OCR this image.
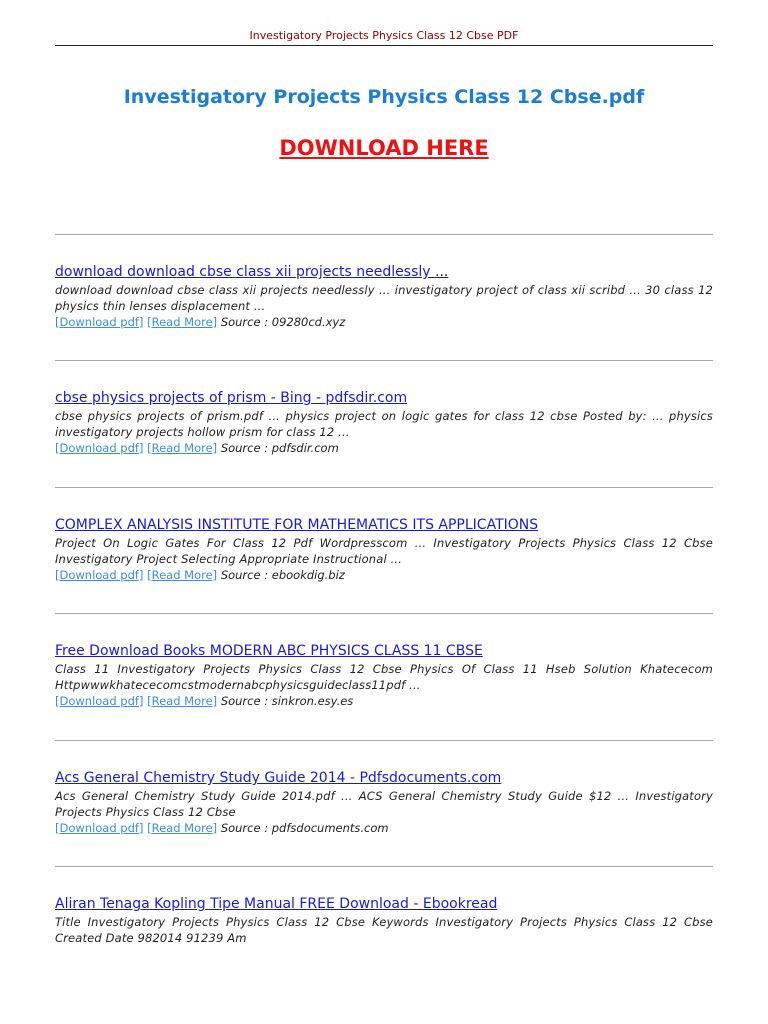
Investigatory Projects Physics Class 12 Cbse PDF
Investigatory Projects Physics Class 12 Cbse.pdf
DOWNLOAD HERE
download download cbse class xii projects needlessly ...
download download cbse class xii projects needlessly ... investigatory project of class xii scribd ... 30 class 12 physics thin lenses displacement ...
[Download pdf] [Read More] Source : 09280cd.xyz
cbse physics projects of prism - Bing - pdfsdir.com
cbse physics projects of prism.pdf ... physics project on logic gates for class 12 cbse Posted by: ... physics investigatory projects hollow prism for class 12 ...
[Download pdf] [Read More] Source : pdfsdir.com
COMPLEX ANALYSIS INSTITUTE FOR MATHEMATICS ITS APPLICATIONS
Project On Logic Gates For Class 12 Pdf Wordpresscom ... Investigatory Projects Physics Class 12 Cbse Investigatory Project Selecting Appropriate Instructional ...
[Download pdf] [Read More] Source : ebookdig.biz
Free Download Books MODERN ABC PHYSICS CLASS 11 CBSE
Class 11 Investigatory Projects Physics Class 12 Cbse Physics Of Class 11 Hseb Solution Khatececom Httpwwwkhatececomcstmodernabcphysicsguideclass11pdf ...
[Download pdf] [Read More] Source : sinkron.esy.es
Acs General Chemistry Study Guide 2014 - Pdfsdocuments.com
Acs General Chemistry Study Guide 2014.pdf ... ACS General Chemistry Study Guide $12 ... Investigatory Projects Physics Class 12 Cbse
[Download pdf] [Read More] Source : pdfsdocuments.com
Aliran Tenaga Kopling Tipe Manual FREE Download - Ebookread
Title Investigatory Projects Physics Class 12 Cbse Keywords Investigatory Projects Physics Class 12 Cbse Created Date 982014 91239 Am
